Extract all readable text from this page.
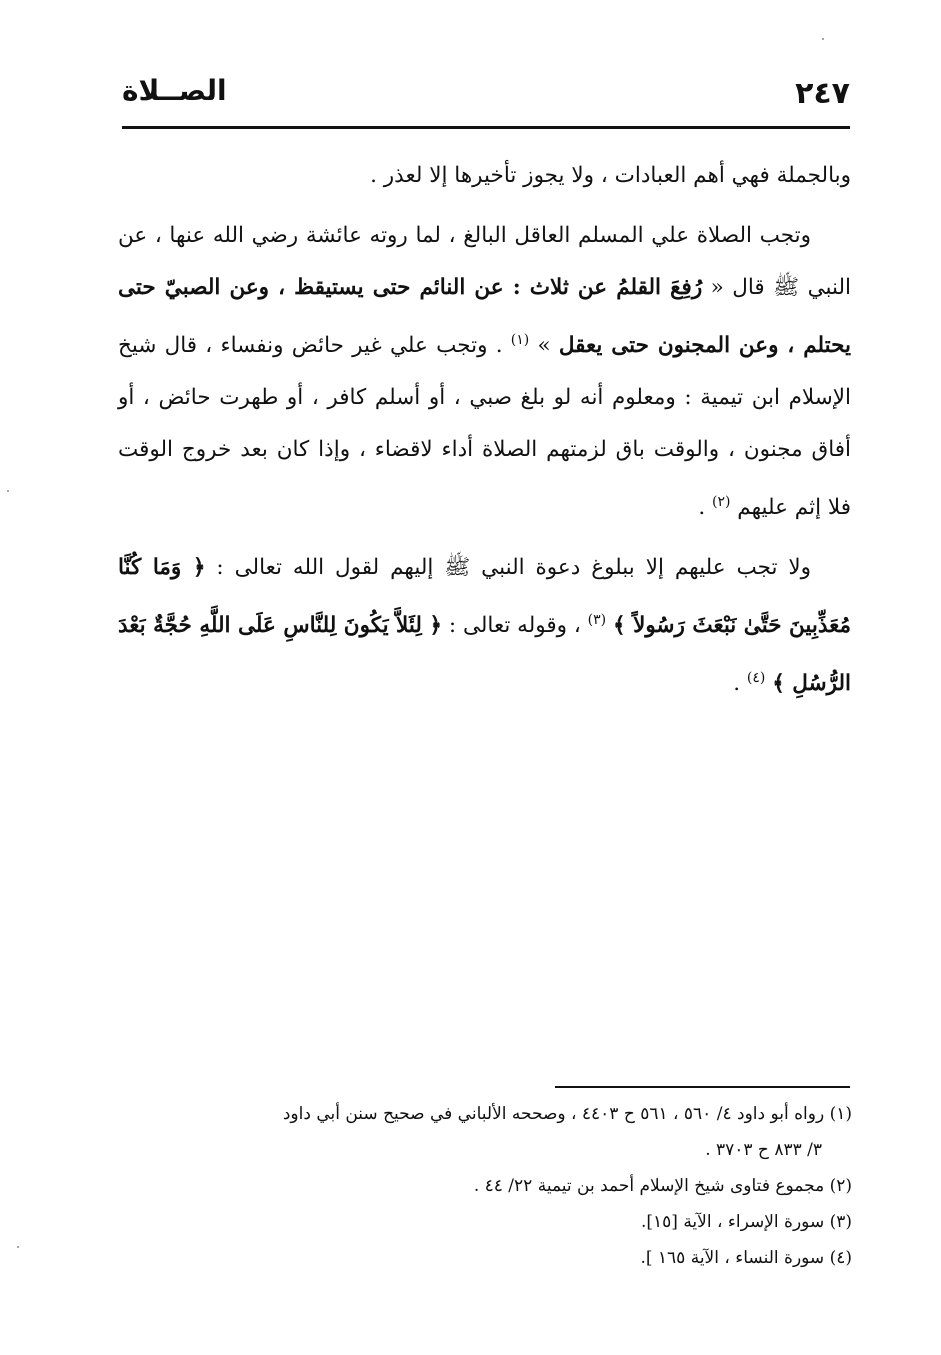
٢٤٧
الصــلاة

وبالجملة فهي أهم العبادات ، ولا يجوز تأخيرها إلا لعذر .

وتجب الصلاة علي المسلم العاقل البالغ ، لما روته عائشة رضي الله عنها ، عن النبي ﷺ قال « رُفِعَ القلمُ عن ثلاث : عن النائم حتى يستيقظ ، وعن الصبيّ حتى يحتلم ، وعن المجنون حتى يعقل » $^{(١)}$ . وتجب علي غير حائض ونفساء ، قال شيخ الإسلام ابن تيمية : ومعلوم أنه لو بلغ صبي ، أو أسلم كافر ، أو طهرت حائض ، أو أفاق مجنون ، والوقت باق لزمتهم الصلاة أداء لاقضاء ، وإذا كان بعد خروج الوقت فلا إثم عليهم $^{(٢)}$ .

ولا تجب عليهم إلا ببلوغ دعوة النبي ﷺ إليهم لقول الله تعالى : ﴿ وَمَا كُنَّا مُعَذِّبِينَ حَتَّىٰ نَبْعَثَ رَسُولاً ﴾ $^{(٣)}$ ، وقوله تعالى : ﴿ لِئَلاَّ يَكُونَ لِلنَّاسِ عَلَى اللَّهِ حُجَّةٌ بَعْدَ الرُّسُلِ ﴾ $^{(٤)}$ .

(١) رواه أبو داود ٤/ ٥٦٠ ، ٥٦١ ح ٤٤٠٣ ، وصححه الألباني في صحيح سنن أبي داود
٣/ ٨٣٣ ح ٣٧٠٣ .

(٢) مجموع فتاوى شيخ الإسلام أحمد بن تيمية ٢٢/ ٤٤ .

(٣) سورة الإسراء ، الآية [١٥].

(٤) سورة النساء ، الآية ١٦٥ ].
